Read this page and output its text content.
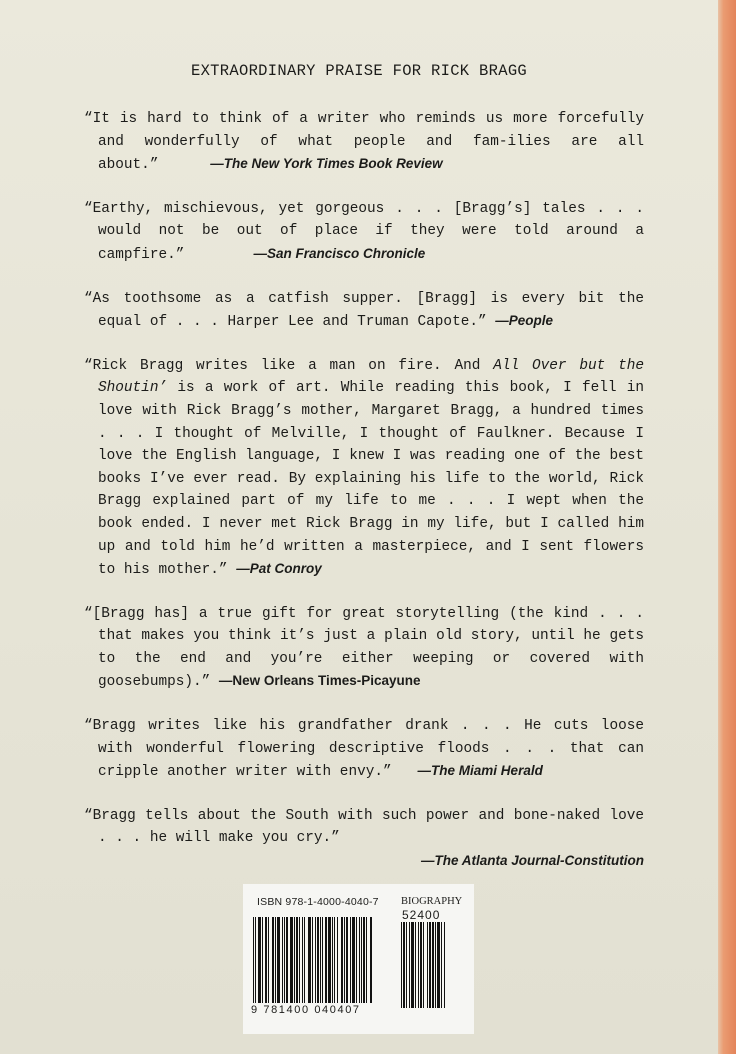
EXTRAORDINARY PRAISE FOR RICK BRAGG
“It is hard to think of a writer who reminds us more forcefully and wonderfully of what people and fam-ilies are all about.”	—The New York Times Book Review
“Earthy, mischievous, yet gorgeous . . . [Bragg’s] tales . . . would not be out of place if they were told around a campfire.”	—San Francisco Chronicle
“As toothsome as a catfish supper. [Bragg] is every bit the equal of . . . Harper Lee and Truman Capote.” —People
“Rick Bragg writes like a man on fire. And All Over but the Shoutin’ is a work of art. While reading this book, I fell in love with Rick Bragg’s mother, Margaret Bragg, a hundred times . . . I thought of Melville, I thought of Faulkner. Because I love the English language, I knew I was reading one of the best books I’ve ever read. By explaining his life to the world, Rick Bragg explained part of my life to me . . . I wept when the book ended. I never met Rick Bragg in my life, but I called him up and told him he’d written a masterpiece, and I sent flowers to his mother.” —Pat Conroy
“[Bragg has] a true gift for great storytelling (the kind . . . that makes you think it’s just a plain old story, until he gets to the end and you’re either weeping or covered with goosebumps).” —New Orleans Times-Picayune
“Bragg writes like his grandfather drank . . . He cuts loose with wonderful flowering descriptive floods . . . that can cripple another writer with envy.” —The Miami Herald
“Bragg tells about the South with such power and bone-naked love . . . he will make you cry.”
—The Atlanta Journal-Constitution
ISBN 978-1-4000-4040-7 BIOGRAPHY
52400
9 781400 040407
